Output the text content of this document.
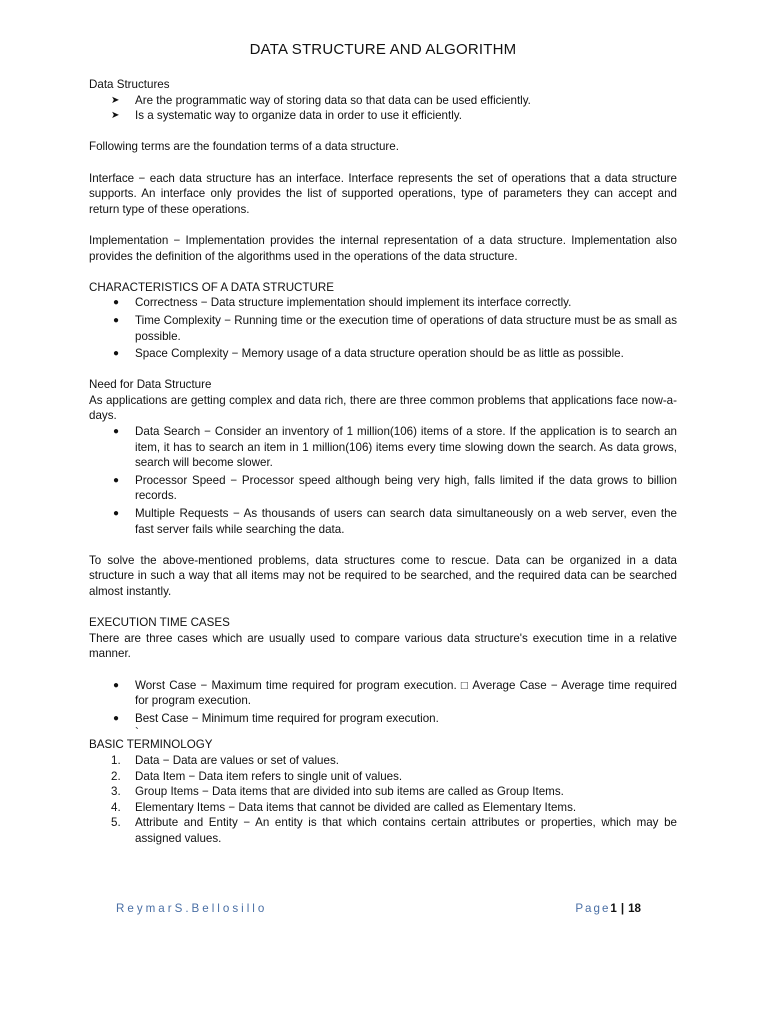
DATA STRUCTURE AND ALGORITHM

Data Structures

➤ Are the programmatic way of storing data so that data can be used efficiently.
➤ Is a systematic way to organize data in order to use it efficiently.

Following terms are the foundation terms of a data structure.

Interface − each data structure has an interface. Interface represents the set of operations that a data structure supports. An interface only provides the list of supported operations, type of parameters they can accept and return type of these operations.

Implementation − Implementation provides the internal representation of a data structure. Implementation also provides the definition of the algorithms used in the operations of the data structure.

CHARACTERISTICS OF A DATA STRUCTURE

● Correctness − Data structure implementation should implement its interface correctly.
● Time Complexity − Running time or the execution time of operations of data structure must be as small as possible.
● Space Complexity − Memory usage of a data structure operation should be as little as possible.

Need for Data Structure

As applications are getting complex and data rich, there are three common problems that applications face now-a-days.

● Data Search − Consider an inventory of 1 million(106) items of a store. If the application is to search an item, it has to search an item in 1 million(106) items every time slowing down the search. As data grows, search will become slower.
● Processor Speed − Processor speed although being very high, falls limited if the data grows to billion records.
● Multiple Requests − As thousands of users can search data simultaneously on a web server, even the fast server fails while searching the data.

To solve the above-mentioned problems, data structures come to rescue. Data can be organized in a data structure in such a way that all items may not be required to be searched, and the required data can be searched almost instantly.

EXECUTION TIME CASES

There are three cases which are usually used to compare various data structure's execution time in a relative manner.

● Worst Case − Maximum time required for program execution. □ Average Case − Average time required for program execution.
● Best Case − Minimum time required for program execution.
`

BASIC TERMINOLOGY

1. Data − Data are values or set of values.
2. Data Item − Data item refers to single unit of values.
3. Group Items − Data items that are divided into sub items are called as Group Items.
4. Elementary Items − Data items that cannot be divided are called as Elementary Items.
5. Attribute and Entity − An entity is that which contains certain attributes or properties, which may be assigned values.
ReymarS.Bellosillo	Page1 | 18
